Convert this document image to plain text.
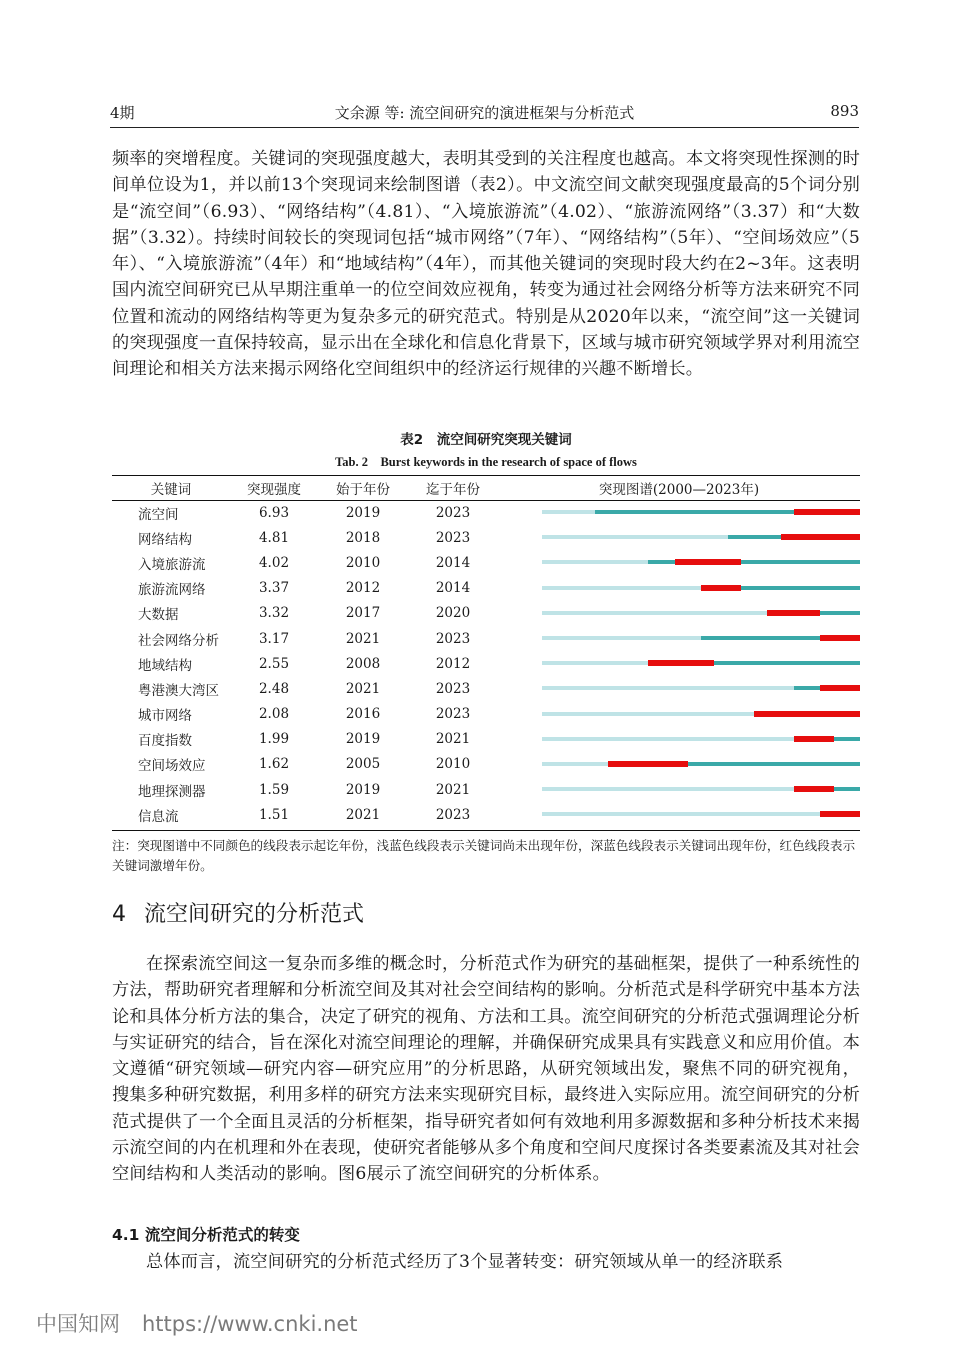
4期	文余源 等: 流空间研究的演进框架与分析范式	893

频率的突增程度。关键词的突现强度越大，表明其受到的关注程度也越高。本文将突现性探测的时间单位设为1，并以前13个突现词来绘制图谱（表2）。中文流空间文献突现强度最高的5个词分别是“流空间”（6.93）、“网络结构”（4.81）、“入境旅游流”（4.02）、“旅游流网络”（3.37）和“大数据”（3.32）。持续时间较长的突现词包括“城市网络”（7年）、“网络结构”（5年）、“空间场效应”（5年）、“入境旅游流”（4年）和“地域结构”（4年），而其他关键词的突现时段大约在2~3年。这表明国内流空间研究已从早期注重单一的位空间效应视角，转变为通过社会网络分析等方法来研究不同位置和流动的网络结构等更为复杂多元的研究范式。特别是从2020年以来，“流空间”这一关键词的突现强度一直保持较高，显示出在全球化和信息化背景下，区域与城市研究领域学界对利用流空间理论和相关方法来揭示网络化空间组织中的经济运行规律的兴趣不断增长。

表2　流空间研究突现关键词
Tab. 2　Burst keywords in the research of space of flows
关键词	突现强度	始于年份	迄于年份	突现图谱(2000—2023年)
流空间	6.93	2019	2023	

网络结构	4.81	2018	2023	

入境旅游流	4.02	2010	2014	

旅游流网络	3.37	2012	2014	

大数据	3.32	2017	2020	

社会网络分析	3.17	2021	2023	

地域结构	2.55	2008	2012	

粤港澳大湾区	2.48	2021	2023	

城市网络	2.08	2016	2023	

百度指数	1.99	2019	2021	

空间场效应	1.62	2005	2010	

地理探测器	1.59	2019	2021	

信息流	1.51	2021	2023	

注：突现图谱中不同颜色的线段表示起讫年份，浅蓝色线段表示关键词尚未出现年份，深蓝色线段表示关键词出现年份，红色线段表示关键词激增年份。

4 流空间研究的分析范式

在探索流空间这一复杂而多维的概念时，分析范式作为研究的基础框架，提供了一种系统性的方法，帮助研究者理解和分析流空间及其对社会空间结构的影响。分析范式是科学研究中基本方法论和具体分析方法的集合，决定了研究的视角、方法和工具。流空间研究的分析范式强调理论分析与实证研究的结合，旨在深化对流空间理论的理解，并确保研究成果具有实践意义和应用价值。本文遵循“研究领域—研究内容—研究应用”的分析思路，从研究领域出发，聚焦不同的研究视角，搜集多种研究数据，利用多样的研究方法来实现研究目标，最终进入实际应用。流空间研究的分析范式提供了一个全面且灵活的分析框架，指导研究者如何有效地利用多源数据和多种分析技术来揭示流空间的内在机理和外在表现，使研究者能够从多个角度和空间尺度探讨各类要素流及其对社会空间结构和人类活动的影响。图6展示了流空间研究的分析体系。

4.1 流空间分析范式的转变

总体而言，流空间研究的分析范式经历了3个显著转变：研究领域从单一的经济联系

中国知网 https://www.cnki.net
